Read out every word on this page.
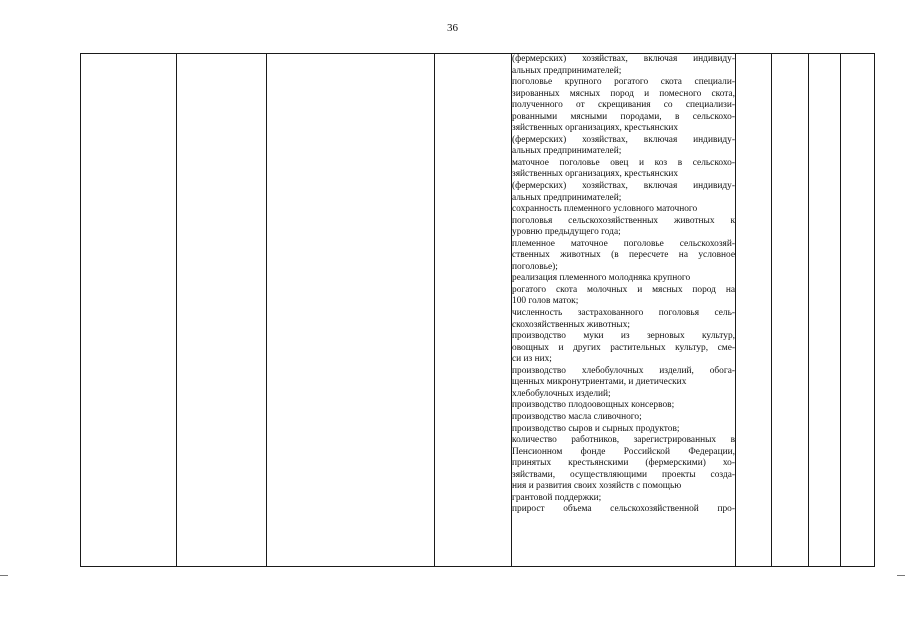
36

(фермерских) хозяйствах, включая индивиду-
альных предпринимателей;
поголовье крупного рогатого скота специали-
зированных мясных пород и помесного скота,
полученного от скрещивания со специализи-
рованными мясными породами, в сельскохо-
зяйственных организациях, крестьянских
(фермерских) хозяйствах, включая индивиду-
альных предпринимателей;
маточное поголовье овец и коз в сельскохо-
зяйственных организациях, крестьянских
(фермерских) хозяйствах, включая индивиду-
альных предпринимателей;
сохранность племенного условного маточного
поголовья сельскохозяйственных животных к
уровню предыдущего года;
племенное маточное поголовье сельскохозяй-
ственных животных (в пересчете на условное
поголовье);
реализация племенного молодняка крупного
рогатого скота молочных и мясных пород на
100 голов маток;
численность застрахованного поголовья сель-
скохозяйственных животных;
производство муки из зерновых культур,
овощных и других растительных культур, сме-
си из них;
производство хлебобулочных изделий, обога-
щенных микронутриентами, и диетических
хлебобулочных изделий;
производство плодоовощных консервов;
производство масла сливочного;
производство сыров и сырных продуктов;
количество работников, зарегистрированных в
Пенсионном фонде Российской Федерации,
принятых крестьянскими (фермерскими) хо-
зяйствами, осуществляющими проекты созда-
ния и развития своих хозяйств с помощью
грантовой поддержки;
прирост объема сельскохозяйственной про-
